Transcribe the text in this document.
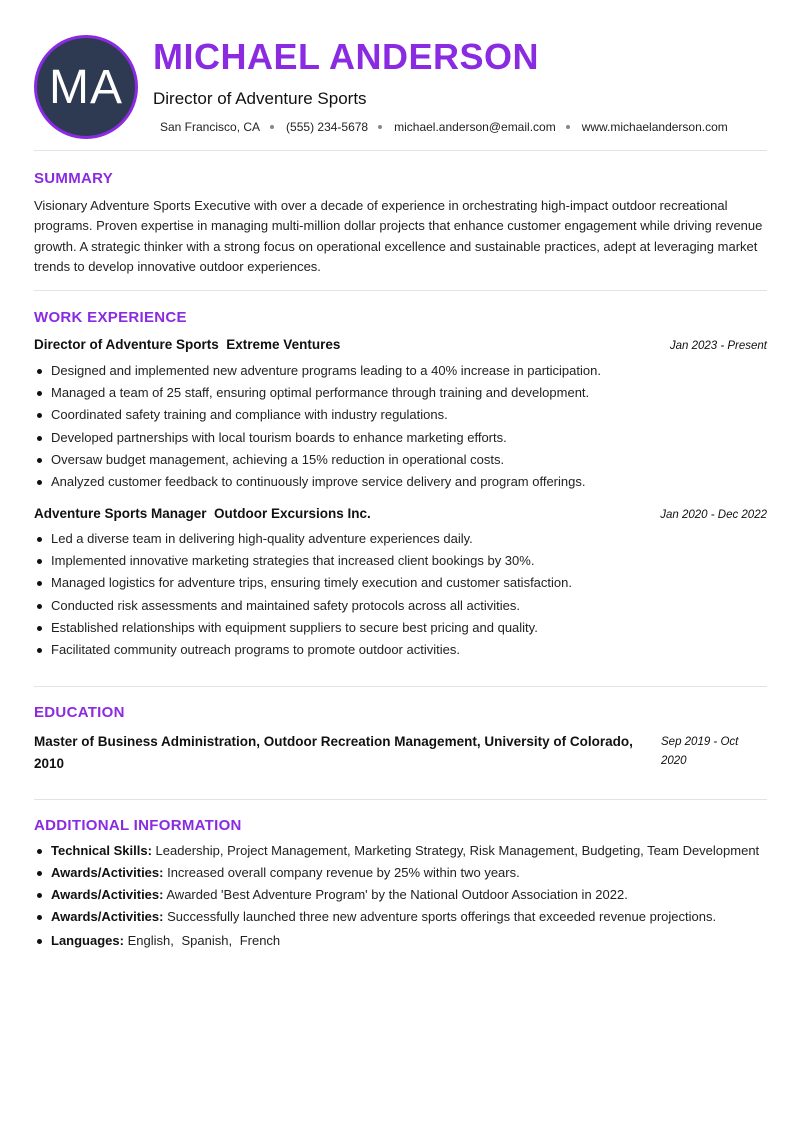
MA
MICHAEL ANDERSON
Director of Adventure Sports
San Francisco, CA (555) 234-5678 michael.anderson@email.com www.michaelanderson.com
SUMMARY

Visionary Adventure Sports Executive with over a decade of experience in orchestrating high-impact outdoor recreational programs. Proven expertise in managing multi-million dollar projects that enhance customer engagement while driving revenue growth. A strategic thinker with a strong focus on operational excellence and sustainable practices, adept at leveraging market trends to develop innovative outdoor experiences.

WORK EXPERIENCE
Director of Adventure Sports  Extreme Ventures	Jan 2023 - Present
Designed and implemented new adventure programs leading to a 40% increase in participation.
Managed a team of 25 staff, ensuring optimal performance through training and development.
Coordinated safety training and compliance with industry regulations.
Developed partnerships with local tourism boards to enhance marketing efforts.
Oversaw budget management, achieving a 15% reduction in operational costs.
Analyzed customer feedback to continuously improve service delivery and program offerings.
Adventure Sports Manager  Outdoor Excursions Inc.	Jan 2020 - Dec 2022
Led a diverse team in delivering high-quality adventure experiences daily.
Implemented innovative marketing strategies that increased client bookings by 30%.
Managed logistics for adventure trips, ensuring timely execution and customer satisfaction.
Conducted risk assessments and maintained safety protocols across all activities.
Established relationships with equipment suppliers to secure best pricing and quality.
Facilitated community outreach programs to promote outdoor activities.
EDUCATION

Master of Business Administration, Outdoor Recreation Management, University of Colorado, 2010

Sep 2019 - Oct 2020

ADDITIONAL INFORMATION
Technical Skills: Leadership, Project Management, Marketing Strategy, Risk Management, Budgeting, Team Development
Awards/Activities: Increased overall company revenue by 25% within two years.
Awards/Activities: Awarded 'Best Adventure Program' by the National Outdoor Association in 2022.
Awards/Activities: Successfully launched three new adventure sports offerings that exceeded revenue projections.
Languages: English, Spanish, French
